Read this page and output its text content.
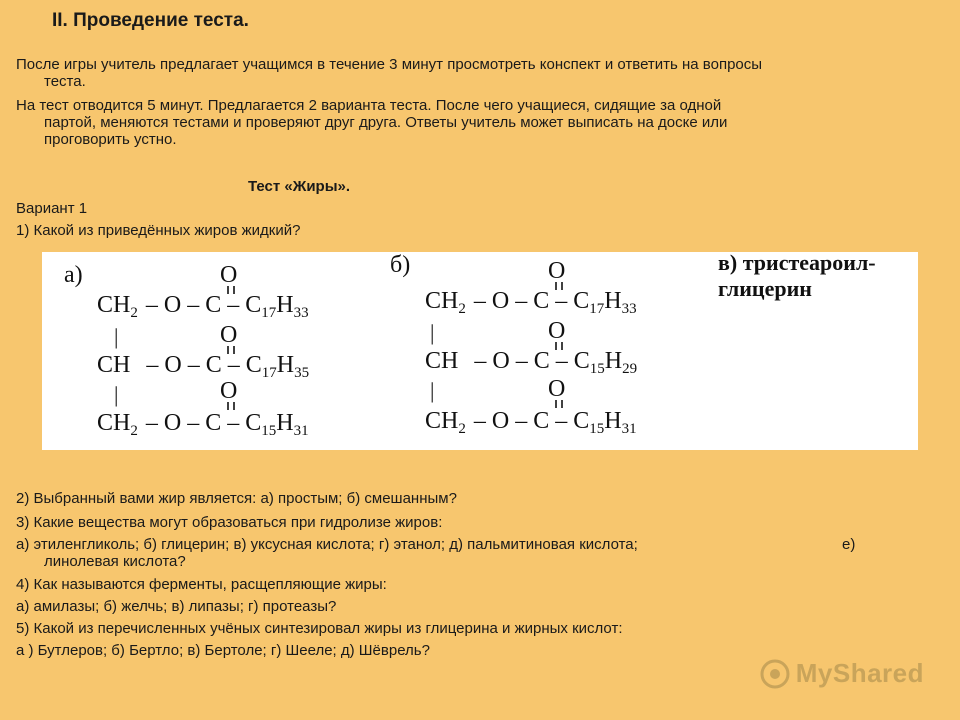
II. Проведение теста.
После игры учитель предлагает учащимся в течение 3 минут просмотреть конспект и ответить на вопросы
теста.
На тест отводится 5 минут. Предлагается 2 варианта теста. После чего учащиеся, сидящие за одной
партой, меняются тестами и проверяют друг друга. Ответы учитель может выписать на доске или
проговорить устно.
Тест «Жиры».
Вариант 1
1) Какой из приведённых жиров жидкий?
а)	O
$CH_2$ – O – C – $C_{17}H_{33}$
|	O
CH – O – C – $C_{17}H_{35}$
|	O
$CH_2$ – O – C – $C_{15}H_{31}$
б)	O
$CH_2$ – O – C – $C_{17}H_{33}$
|	O
CH – O – C – $C_{15}H_{29}$
|	O
$CH_2$ – O – C – $C_{15}H_{31}$
в) тристеароил-
глицерин
2) Выбранный вами жир является: а) простым; б) смешанным?
3) Какие вещества могут образоваться при гидролизе жиров:
а) этиленгликоль; б) глицерин; в) уксусная кислота; г) этанол; д) пальмитиновая кислота;	е)
линолевая кислота?
4) Как называются ферменты, расщепляющие жиры:
а) амилазы; б) желчь; в) липазы; г) протеазы?
5) Какой из перечисленных учёных синтезировал жиры из глицерина и жирных кислот:
а ) Бутлеров; б) Бертло; в) Бертоле; г) Шееле; д) Шёврель?
MyShared
